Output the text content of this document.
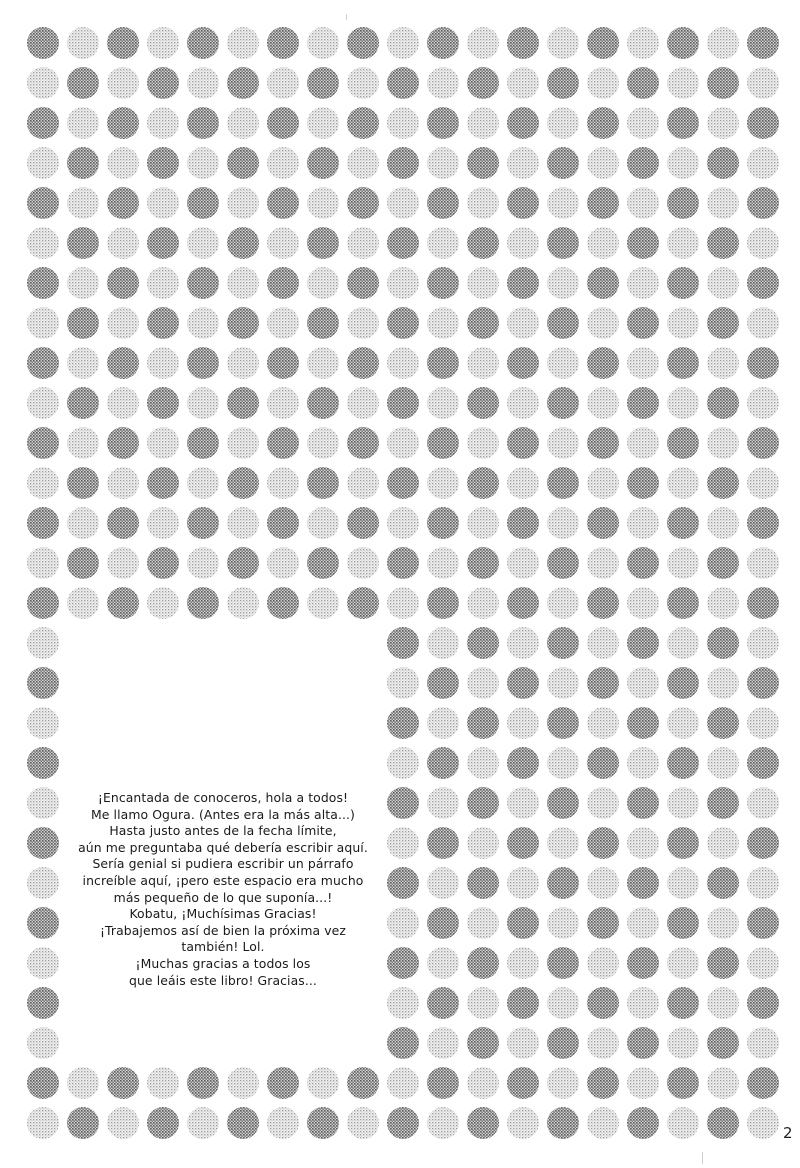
¡Encantada de conoceros, hola a todos!
Me llamo Ogura. (Antes era la más alta...)
Hasta justo antes de la fecha límite,
aún me preguntaba qué debería escribir aquí.
Sería genial si pudiera escribir un párrafo
increíble aquí, ¡pero este espacio era mucho
más pequeño de lo que suponía...!
Kobatu, ¡Muchísimas Gracias!
¡Trabajemos así de bien la próxima vez
también! Lol.
¡Muchas gracias a todos los
que leáis este libro! Gracias...
2
